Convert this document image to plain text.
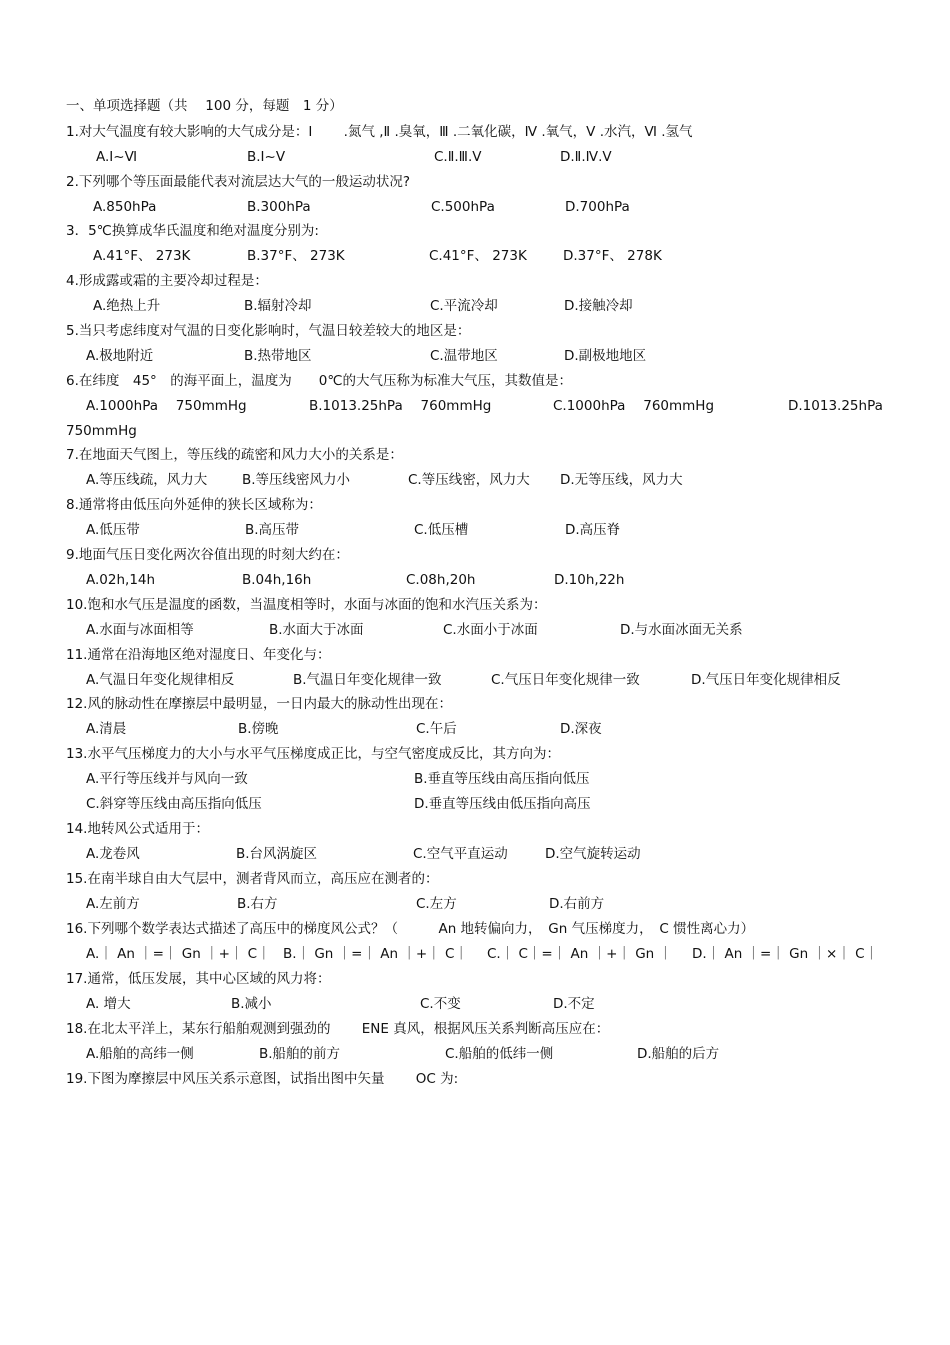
一、单项选择题（共　 100 分，每题　1 分）
1.对大气温度有较大影响的大气成分是：Ⅰ　　 .氮气 ,Ⅱ .臭氧，Ⅲ .二氧化碳，Ⅳ .氧气，Ⅴ .水汽，Ⅵ .氢气
A.Ⅰ~Ⅵ	B.Ⅰ~Ⅴ	C.Ⅱ.Ⅲ.Ⅴ	D.Ⅱ.Ⅳ.Ⅴ
2.下列哪个等压面最能代表对流层达大气的一般运动状况?
A.850hPa	B.300hPa	C.500hPa	D.700hPa
3．5℃换算成华氏温度和绝对温度分别为:
A.41°F、 273K	B.37°F、 273K	C.41°F、 273K	D.37°F、 278K
4.形成露或霜的主要冷却过程是：
A.绝热上升	B.辐射冷却	C.平流冷却	D.接触冷却
5.当只考虑纬度对气温的日变化影响时，气温日较差较大的地区是：
A.极地附近	B.热带地区	C.温带地区	D.副极地地区
6.在纬度　45°　的海平面上，温度为　　0℃的大气压称为标准大气压，其数值是：
A.1000hPa　 750mmHg	B.1013.25hPa　 760mmHg	C.1000hPa　 760mmHg	D.1013.25hPa
750mmHg
7.在地面天气图上，等压线的疏密和风力大小的关系是：
A.等压线疏，风力大	B.等压线密风力小	C.等压线密，风力大 D.无等压线，风力大
8.通常将由低压向外延伸的狭长区域称为：
A.低压带	B.高压带	C.低压槽	D.高压脊
9.地面气压日变化两次谷值出现的时刻大约在：
A.02h,14h	B.04h,16h	C.08h,20h	D.10h,22h
10.饱和水气压是温度的函数，当温度相等时，水面与冰面的饱和水汽压关系为：
A.水面与冰面相等	B.水面大于冰面	C.水面小于冰面	D.与水面冰面无关系
11.通常在沿海地区绝对湿度日、年变化与：
A.气温日年变化规律相反	B.气温日年变化规律一致	C.气压日年变化规律一致	D.气压日年变化规律相反
12.风的脉动性在摩擦层中最明显，一日内最大的脉动性出现在：
A.清晨	B.傍晚	C.午后	D.深夜
13.水平气压梯度力的大小与水平气压梯度成正比，与空气密度成反比，其方向为：
A.平行等压线并与风向一致	B.垂直等压线由高压指向低压
C.斜穿等压线由高压指向低压	D.垂直等压线由低压指向高压
14.地转风公式适用于：
A.龙卷风	B.台风涡旋区	C.空气平直运动	D.空气旋转运动
15.在南半球自由大气层中，测者背风而立，高压应在测者的：
A.左前方	B.右方	C.左方	D.右前方
16.下列哪个数学表达式描述了高压中的梯度风公式？（　　　An 地转偏向力，　Gn 气压梯度力，　C 惯性离心力）
A.｜ An ｜=｜ Gn ｜+｜ C｜ B.｜ Gn ｜=｜ An ｜+｜ C｜ C.｜ C｜=｜ An ｜+｜ Gn ｜ D.｜ An ｜=｜ Gn ｜×｜ C｜
17.通常，低压发展，其中心区域的风力将：
A. 增大	B.减小	C.不变	D.不定
18.在北太平洋上，某东行船舶观测到强劲的　　 ENE 真风，根据风压关系判断高压应在：
A.船舶的高纬一侧	B.船舶的前方	C.船舶的低纬一侧	D.船舶的后方
19.下图为摩擦层中风压关系示意图，试指出图中矢量　　 OC 为:
